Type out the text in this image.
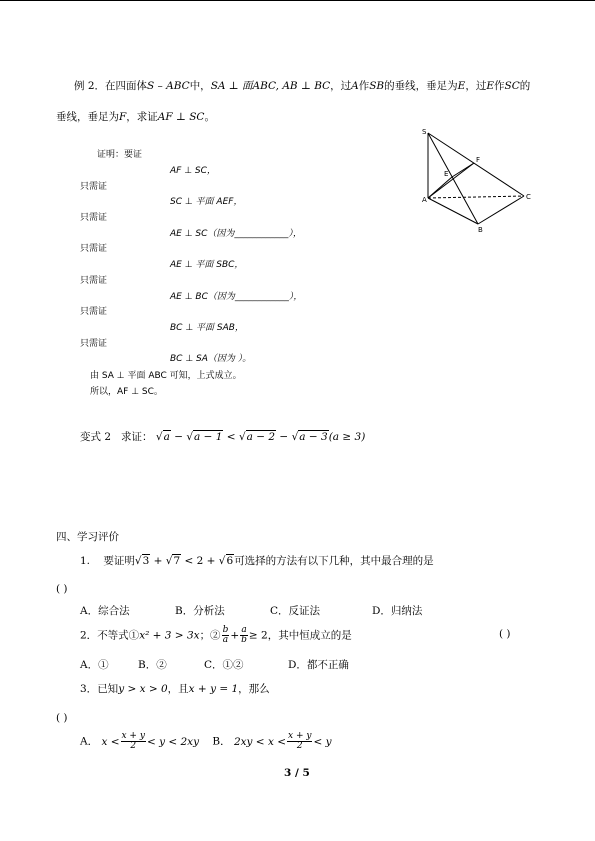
例 2．在四面体S – ABC中，SA ⊥ 面ABC, AB ⊥ BC，过A作SB的垂线，垂足为E，过E作SC的
垂线，垂足为F，求证AF ⊥ SC。
证明：要证
AF ⊥ SC，
只需证
SC ⊥ 平面 AEF，
只需证
AE ⊥ SC（因为____________），
只需证
AE ⊥ 平面 SBC，
只需证
AE ⊥ BC（因为____________），
只需证
BC ⊥ 平面 SAB，
只需证
BC ⊥ SA（因为 ）。
由 SA ⊥ 平面 ABC 可知，上式成立。
所以，AF ⊥ SC。
S
F
E
A	C
B
变式 2 求证： √a − √a − 1 < √a − 2 − √a − 3(a ≥ 3)
四、学习评价
1. 要证明√3 + √7 < 2 + √6可选择的方法有以下几种，其中最合理的是
( )
A．综合法	B．分析法	C．反证法	D．归纳法
2．不等式①x² + 3 > 3x；② $\frac{b}{a} + \frac{a}{b} \ge 2$，其中恒成立的是	( )
A．①	B．②	C．①②	D．都不正确
3．已知y > x > 0，且x + y = 1，那么
( )
A． $x < \frac{x + y}{2} < y < 2xy$ B． $2xy < x < \frac{x + y}{2} < y$
3 / 5
